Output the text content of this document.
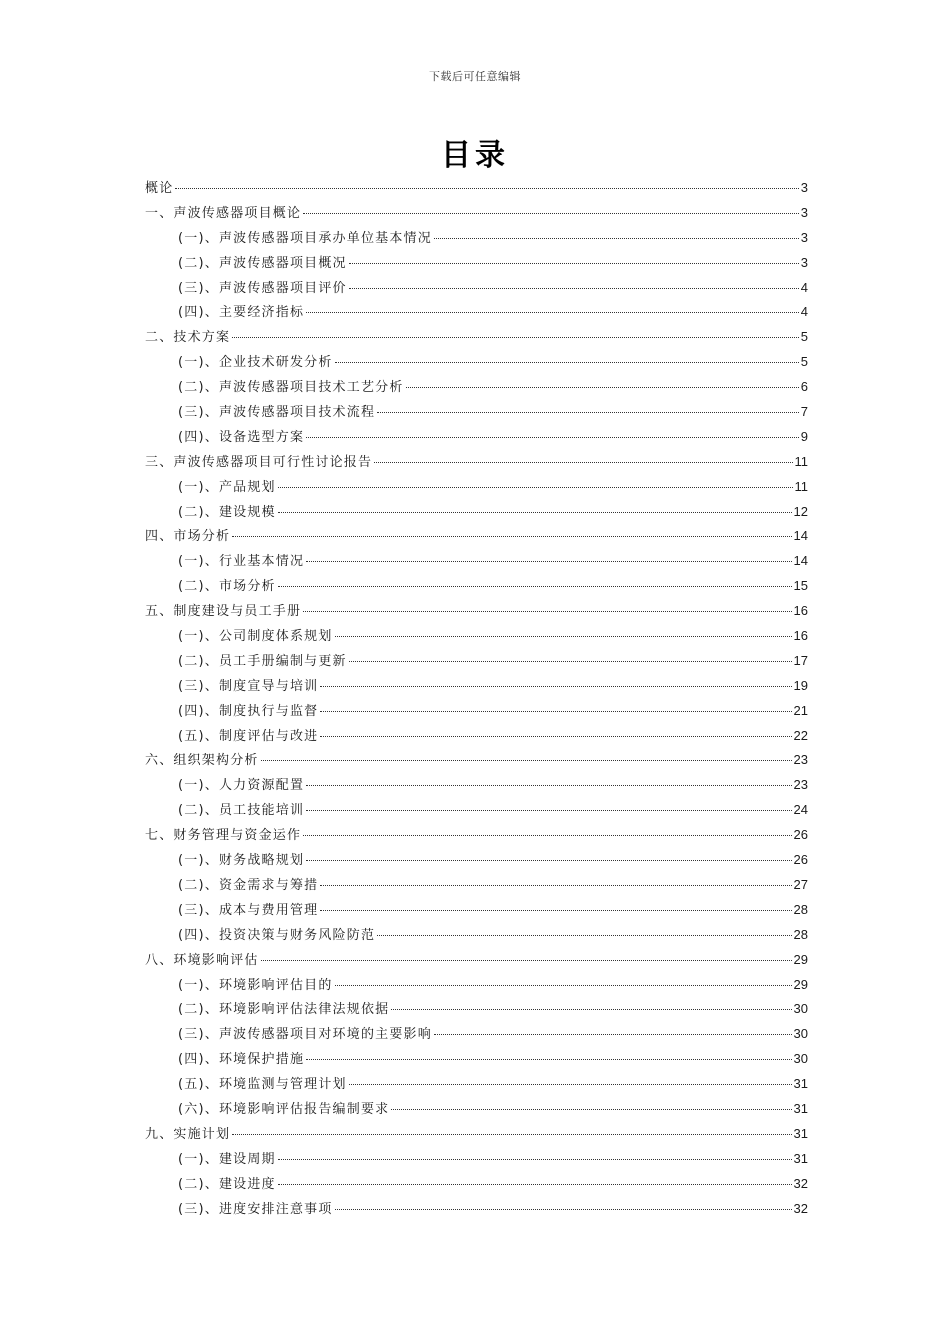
下载后可任意编辑
目录
概论	3
一、声波传感器项目概论	3
(一)、声波传感器项目承办单位基本情况	3
(二)、声波传感器项目概况	3
(三)、声波传感器项目评价	4
(四)、主要经济指标	4
二、技术方案	5
(一)、企业技术研发分析	5
(二)、声波传感器项目技术工艺分析	6
(三)、声波传感器项目技术流程	7
(四)、设备选型方案	9
三、声波传感器项目可行性讨论报告	11
(一)、产品规划	11
(二)、建设规模	12
四、市场分析	14
(一)、行业基本情况	14
(二)、市场分析	15
五、制度建设与员工手册	16
(一)、公司制度体系规划	16
(二)、员工手册编制与更新	17
(三)、制度宣导与培训	19
(四)、制度执行与监督	21
(五)、制度评估与改进	22
六、组织架构分析	23
(一)、人力资源配置	23
(二)、员工技能培训	24
七、财务管理与资金运作	26
(一)、财务战略规划	26
(二)、资金需求与筹措	27
(三)、成本与费用管理	28
(四)、投资决策与财务风险防范	28
八、环境影响评估	29
(一)、环境影响评估目的	29
(二)、环境影响评估法律法规依据	30
(三)、声波传感器项目对环境的主要影响	30
(四)、环境保护措施	30
(五)、环境监测与管理计划	31
(六)、环境影响评估报告编制要求	31
九、实施计划	31
(一)、建设周期	31
(二)、建设进度	32
(三)、进度安排注意事项	32
